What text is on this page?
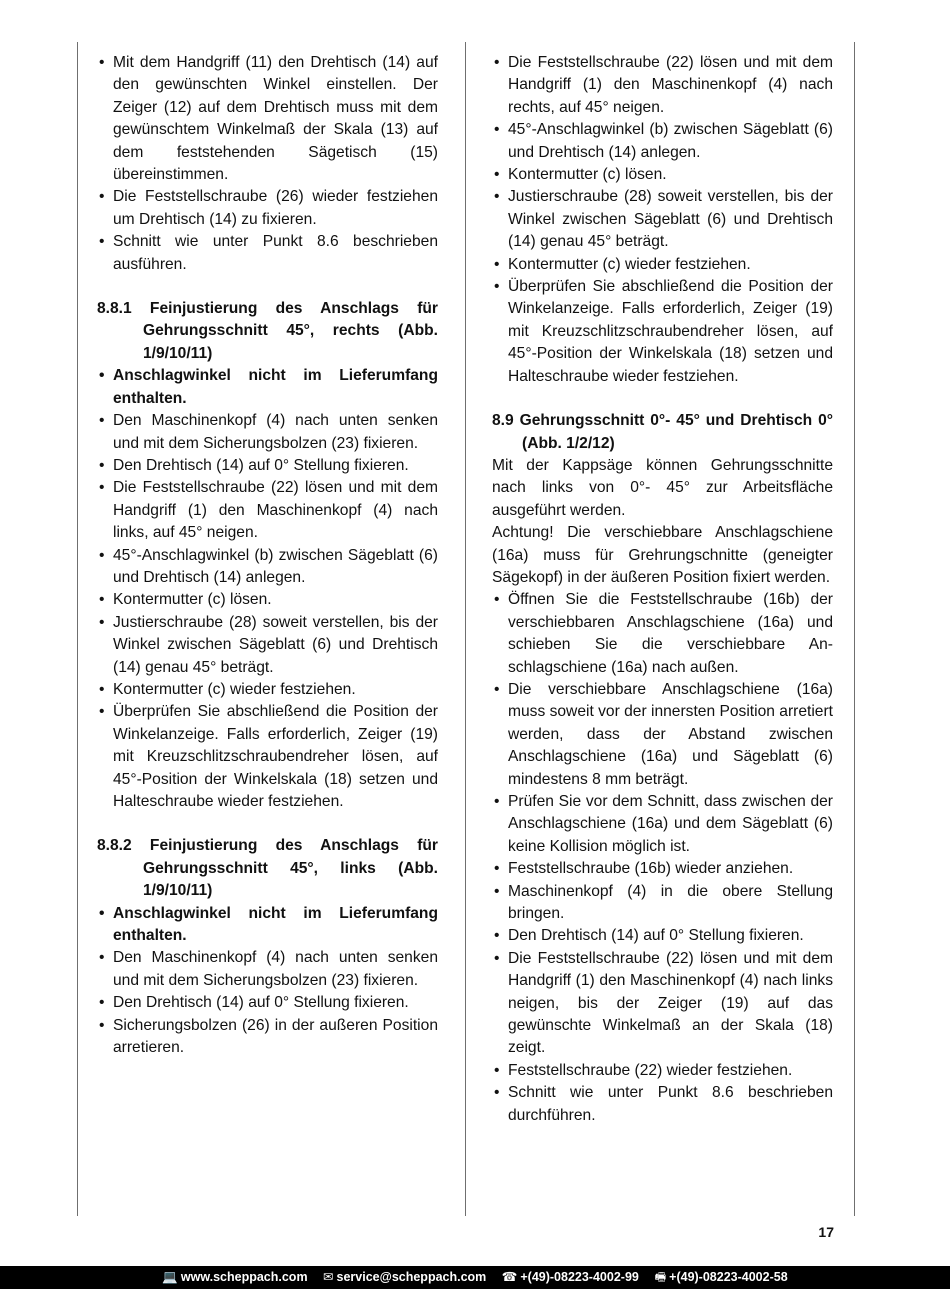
• Mit dem Handgriff (11) den Drehtisch (14) auf den gewünschten Winkel einstellen. Der Zeiger (12) auf dem Drehtisch muss mit dem gewünschtem Winkelmaß der Skala (13) auf dem feststehenden Sägetisch (15) übereinstimmen.
• Die Feststellschraube (26) wieder festziehen um Drehtisch (14) zu fixieren.
• Schnitt wie unter Punkt 8.6 beschrieben ausführen.
8.8.1 Feinjustierung des Anschlags für Gehrungsschnitt 45°, rechts (Abb. 1/9/10/11)
• Anschlagwinkel nicht im Lieferumfang enthalten.
• Den Maschinenkopf (4) nach unten senken und mit dem Sicherungsbolzen (23) fixieren.
• Den Drehtisch (14) auf 0° Stellung fixieren.
• Die Feststellschraube (22) lösen und mit dem Handgriff (1) den Maschinenkopf (4) nach links, auf 45° neigen.
• 45°-Anschlagwinkel (b) zwischen Sägeblatt (6) und Drehtisch (14) anlegen.
• Kontermutter (c) lösen.
• Justierschraube (28) soweit verstellen, bis der Winkel zwischen Sägeblatt (6) und Drehtisch (14) genau 45° beträgt.
• Kontermutter (c) wieder festziehen.
• Überprüfen Sie abschließend die Position der Winkelanzeige. Falls erforderlich, Zeiger (19) mit Kreuzschlitzschraubendreher lösen, auf 45°-Position der Winkelskala (18) setzen und Halteschraube wieder festziehen.
8.8.2 Feinjustierung des Anschlags für Gehrungsschnitt 45°, links (Abb. 1/9/10/11)
• Anschlagwinkel nicht im Lieferumfang enthalten.
• Den Maschinenkopf (4) nach unten senken und mit dem Sicherungsbolzen (23) fixieren.
• Den Drehtisch (14) auf 0° Stellung fixieren.
• Sicherungsbolzen (26) in der außeren Position arretieren.
• Die Feststellschraube (22) lösen und mit dem Handgriff (1) den Maschinenkopf (4) nach rechts, auf 45° neigen.
• 45°-Anschlagwinkel (b) zwischen Sägeblatt (6) und Drehtisch (14) anlegen.
• Kontermutter (c) lösen.
• Justierschraube (28) soweit verstellen, bis der Winkel zwischen Sägeblatt (6) und Drehtisch (14) genau 45° beträgt.
• Kontermutter (c) wieder festziehen.
• Überprüfen Sie abschließend die Position der Winkelanzeige. Falls erforderlich, Zeiger (19) mit Kreuzschlitzschraubendreher lösen, auf 45°-Position der Winkelskala (18) setzen und Halteschraube wieder festziehen.
8.9 Gehrungsschnitt 0°- 45° und Drehtisch 0° (Abb. 1/2/12)
Mit der Kappsäge können Gehrungsschnitte nach links von 0°- 45° zur Arbeitsfläche ausgeführt werden.
Achtung! Die verschiebbare Anschlagschiene (16a) muss für Grehrungschnitte (geneigter Sägekopf) in der äußeren Position fixiert werden.
• Öffnen Sie die Feststellschraube (16b) der verschiebbaren Anschlagschiene (16a) und schieben Sie die verschiebbare Anschlagschiene (16a) nach außen.
• Die verschiebbare Anschlagschiene (16a) muss soweit vor der innersten Position arretiert werden, dass der Abstand zwischen Anschlagschiene (16a) und Sägeblatt (6) mindestens 8 mm beträgt.
• Prüfen Sie vor dem Schnitt, dass zwischen der Anschlagschiene (16a) und dem Sägeblatt (6) keine Kollision möglich ist.
• Feststellschraube (16b) wieder anziehen.
• Maschinenkopf (4) in die obere Stellung bringen.
• Den Drehtisch (14) auf 0° Stellung fixieren.
• Die Feststellschraube (22) lösen und mit dem Handgriff (1) den Maschinenkopf (4) nach links neigen, bis der Zeiger (19) auf das gewünschte Winkelmaß an der Skala (18) zeigt.
• Feststellschraube (22) wieder festziehen.
• Schnitt wie unter Punkt 8.6 beschrieben durchführen.
17
💻 www.scheppach.com ✉ service@scheppach.com ☎ +(49)-08223-4002-99 🖷 +(49)-08223-4002-58
